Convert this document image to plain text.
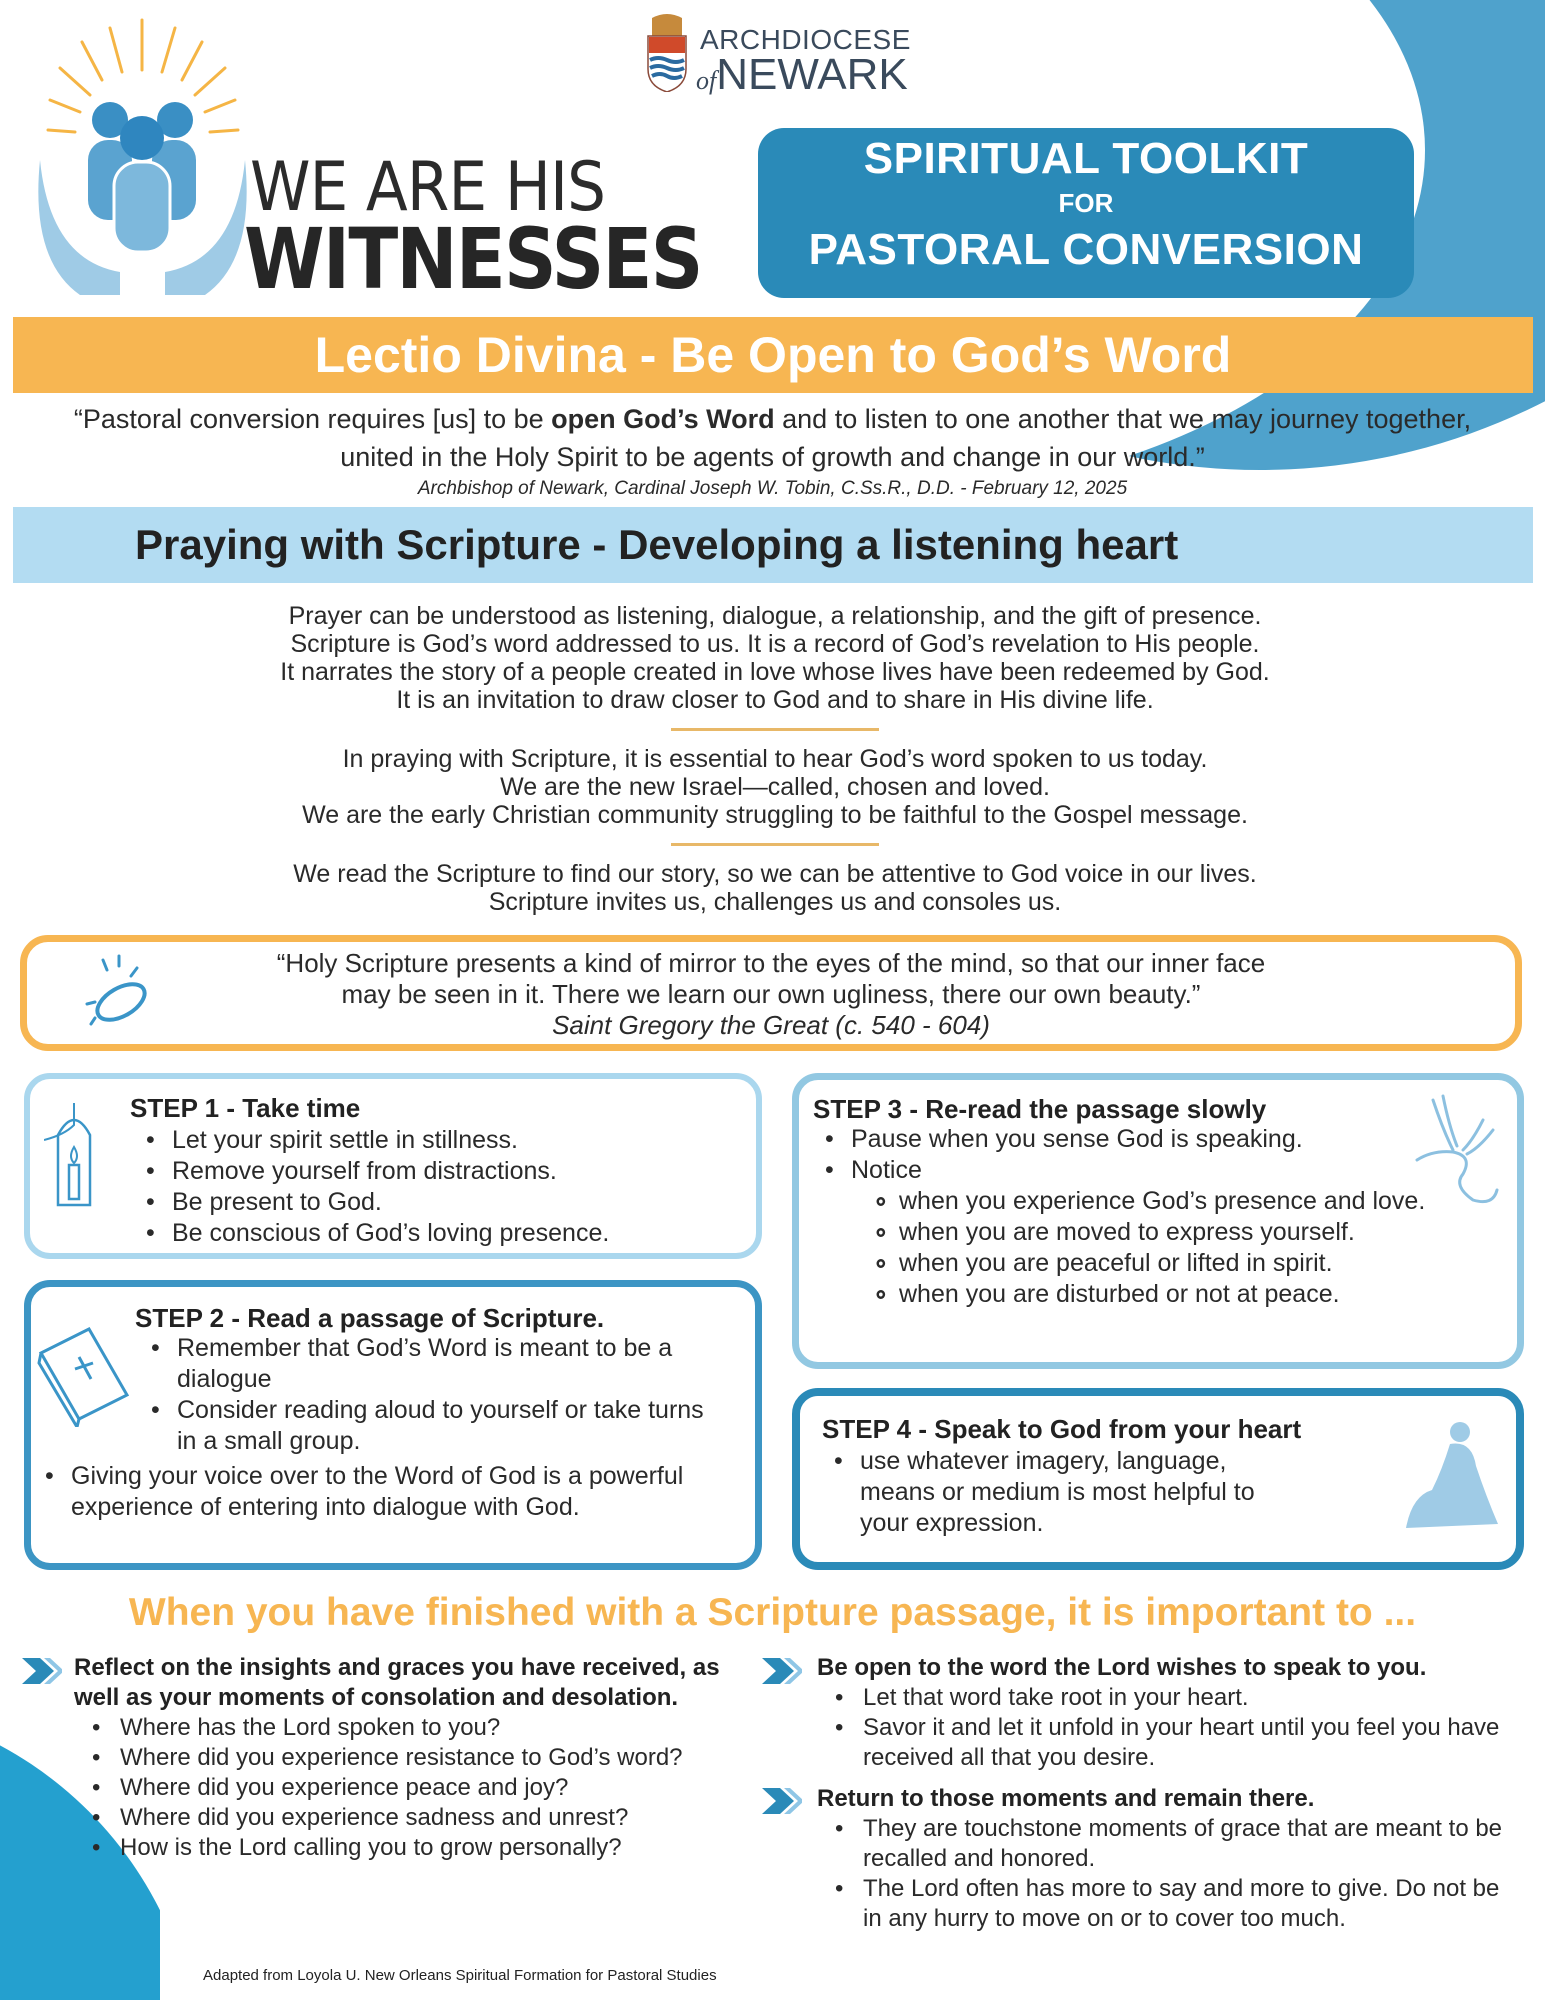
WE ARE HIS
WITNESSES
ARCHDIOCESE
ofNEWARK
SPIRITUAL TOOLKIT
FOR
PASTORAL CONVERSION
Lectio Divina - Be Open to God’s Word
“Pastoral conversion requires [us] to be open God’s Word and to listen to one another that we may journey together, united in the Holy Spirit to be agents of growth and change in our world.”
Archbishop of Newark, Cardinal Joseph W. Tobin, C.Ss.R., D.D. - February 12, 2025
Praying with Scripture - Developing a listening heart
Prayer can be understood as listening, dialogue, a relationship, and the gift of presence.
Scripture is God’s word addressed to us. It is a record of God’s revelation to His people.
It narrates the story of a people created in love whose lives have been redeemed by God.
It is an invitation to draw closer to God and to share in His divine life.
In praying with Scripture, it is essential to hear God’s word spoken to us today.
We are the new Israel—called, chosen and loved.
We are the early Christian community struggling to be faithful to the Gospel message.
We read the Scripture to find our story, so we can be attentive to God voice in our lives.
Scripture invites us, challenges us and consoles us.
“Holy Scripture presents a kind of mirror to the eyes of the mind, so that our inner face
may be seen in it. There we learn our own ugliness, there our own beauty.”
Saint Gregory the Great (c. 540 - 604)
STEP 1 - Take time
• Let your spirit settle in stillness.
• Remove yourself from distractions.
• Be present to God.
• Be conscious of God’s loving presence.
STEP 2 - Read a passage of Scripture.
• Remember that God’s Word is meant to be a dialogue
• Consider reading aloud to yourself or take turns in a small group.
• Giving your voice over to the Word of God is a powerful experience of entering into dialogue with God.
STEP 3 - Re-read the passage slowly
• Pause when you sense God is speaking.
• Notice
∘ when you experience God’s presence and love.
∘ when you are moved to express yourself.
∘ when you are peaceful or lifted in spirit.
∘ when you are disturbed or not at peace.
STEP 4 - Speak to God from your heart
• use whatever imagery, language, means or medium is most helpful to your expression.
When you have finished with a Scripture passage, it is important to ...
Reflect on the insights and graces you have received, as well as your moments of consolation and desolation.
• Where has the Lord spoken to you?
• Where did you experience resistance to God’s word?
• Where did you experience peace and joy?
• Where did you experience sadness and unrest?
• How is the Lord calling you to grow personally?
Be open to the word the Lord wishes to speak to you.
• Let that word take root in your heart.
• Savor it and let it unfold in your heart until you feel you have received all that you desire.
Return to those moments and remain there.
• They are touchstone moments of grace that are meant to be recalled and honored.
• The Lord often has more to say and more to give. Do not be in any hurry to move on or to cover too much.
Adapted from Loyola U. New Orleans Spiritual Formation for Pastoral Studies
